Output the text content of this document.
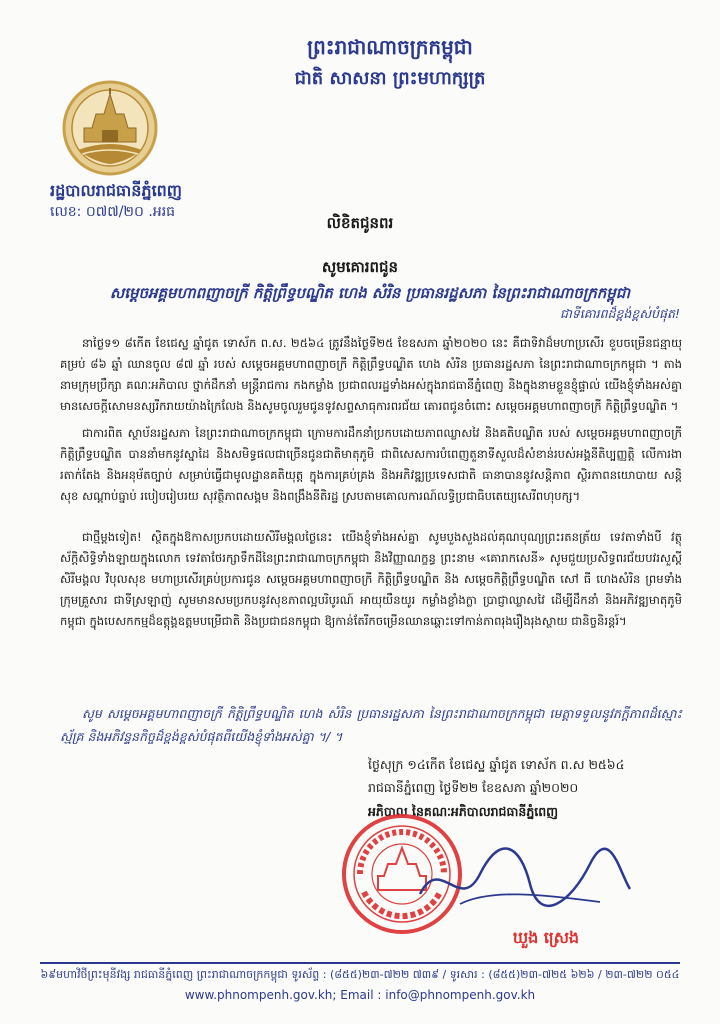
ព្រះរាជាណាចក្រកម្ពុជា
ជាតិ សាសនា ព្រះមហាក្សត្រ
រដ្ឋបាលរាជធានីភ្នំពេញ
លេខ: ០៧៧/២០ .អរធ
លិខិតជូនពរ
សូមគោរពជូន
សម្តេចអគ្គមហាពញាចក្រី កិត្តិព្រឹទ្ធបណ្ឌិត ហេង សំរិន ប្រធានរដ្ឋសភា នៃព្រះរាជាណាចក្រកម្ពុជា
ជាទីគោរពដ៏ខ្ពង់ខ្ពស់បំផុត!
នាថ្ងៃទ១ ៨កើត ខែជេស្ឋ ឆ្នាំជូត ទោស័ក ព.ស. ២៥៦៤ ត្រូវនឹងថ្ងៃទី២៥ ខែឧសភា ឆ្នាំ២០២០ នេះ គឺជាទិវាដ៏មហាប្រសើរ ខួបចម្រើនជន្មាយុគម្រប់ ៨៦ ឆ្នាំ ឈានចូល ៨៧ ឆ្នាំ របស់ សម្តេចអគ្គមហាពញាចក្រី កិត្តិព្រឹទ្ធបណ្ឌិត ហេង សំរិន ប្រធានរដ្ឋសភា នៃព្រះរាជាណាចក្រកម្ពុជា ។ តាងនាមក្រុមប្រឹក្សា គណៈអភិបាល ថ្នាក់ដឹកនាំ មន្ត្រីរាជការ កងកម្លាំង ប្រជាពលរដ្ឋទាំងអស់ក្នុងរាជធានីភ្នំពេញ និងក្នុងនាមខ្លួនខ្ញុំផ្ទាល់ យើងខ្ញុំទាំងអស់គ្នា មានសេចក្តីសោមនស្សរីករាយយ៉ាងក្រៃលែង និងសូមចូលរួមជូនទូវសព្ទសាធុការពរជ័យ គោរពជូនចំពោះ សម្តេចអគ្គមហាពញាចក្រី កិត្តិព្រឹទ្ធបណ្ឌិត ។
ជាការពិត ស្ថាប័នរដ្ឋសភា នៃព្រះរាជាណាចក្រកម្ពុជា ក្រោមការដឹកនាំប្រកបដោយភាពឈ្លាសវៃ និងគតិបណ្ឌិត របស់ សម្តេចអគ្គមហាពញាចក្រី កិត្តិព្រឹទ្ធបណ្ឌិត បាននាំមកនូវស្នាដៃ និងសមិទ្ធផលជាច្រើនជូនជាតិមាតុភូមិ ជាពិសេសការបំពេញតួនាទីសួលដ៏សំខាន់របស់អង្គនីតិប្បញ្ញត្តិ លើការងារតាក់តែង និងអនុម័តច្បាប់ សម្រាប់ធ្វើជាមូលដ្ឋានគតិយុត្ត ក្នុងការគ្រប់គ្រង និងអភិវឌ្ឍប្រទេសជាតិ ធានាបាននូវសន្តិភាព ស្ថិរភាពនយោបាយ សន្តិសុខ សណ្តាប់ធ្នាប់ របៀបរៀបរយ សុវត្ថិភាពសង្គម និងពង្រឹងនីតិរដ្ឋ ស្របតាមគោលការណ៍លទ្ធិប្រជាធិបតេយ្យសេរីពហុបក្ស។
ជាថ្មីម្តងទៀត! ស្ថិតក្នុងឱកាសប្រកបដោយសិរីមង្គលថ្ងៃនេះ យើងខ្ញុំទាំងអស់គ្នា សូមបួងសួងដល់គុណបុណ្យព្រះរតនត្រ័យ ទេវតាទាំងបី វត្ថុស័ក្តិសិទ្ធិទាំងឡាយក្នុងលោក ទេវតាថែរក្សាទឹកដីនៃព្រះរាជាណាចក្រកម្ពុជា និងវិញ្ញាណក្ខន្ធ ព្រះនាម «គោរាកសេនី» សូមជួយប្រសិទ្ធពរជ័យបវរសួស្តី សិរីមង្គល វិបុលសុខ មហាប្រសើរគ្រប់ប្រការជូន សម្តេចអគ្គមហាពញាចក្រី កិត្តិព្រឹទ្ធបណ្ឌិត និង សម្តេចកិត្តិព្រឹទ្ធបណ្ឌិត សៅ ធី ហេងសំរិន ព្រមទាំងក្រុមគ្រួសារ ជាទីស្រឡាញ់ សូមមានសមប្រកបនូវសុខភាពល្អបរិបូរណ៍ អាយុយឺនយូរ កម្លាំងខ្លាំងក្លា ប្រាជ្ញាឈ្លាសវៃ ដើម្បីដឹកនាំ និងអភិវឌ្ឍមាតុភូមិកម្ពុជា ក្នុងបេសកកម្មដ៏ឧត្តុង្គឧត្តមបម្រើជាតិ និងប្រជាជនកម្ពុជា ឱ្យកាន់តែរីកចម្រើនឈានឆ្ពោះទៅកាន់ភាពរុងរឿងរុងស្ថាយ ជានិច្ចនិរន្តរ៍។
សូម សម្តេចអគ្គមហាពញាចក្រី កិត្តិព្រឹទ្ធបណ្ឌិត ហេង សំរិន ប្រធានរដ្ឋសភា នៃព្រះរាជាណាចក្រកម្ពុជា មេត្តាទទួលនូវភក្តីភាពដ៏ស្មោះស្ម័គ្រ និងអភិវន្ទនកិច្ចដ៏ខ្ពង់ខ្ពស់បំផុតពីយើងខ្ញុំទាំងអស់គ្នា ។/ ។
ថ្ងៃសុក្រ ១៤កើត ខែជេស្ឋ ឆ្នាំជូត ទោស័ក ព.ស ២៥៦៤
រាជធានីភ្នំពេញ ថ្ងៃទី២២ ខែឧសភា ឆ្នាំ២០២០
អភិបាល នៃគណៈអភិបាលរាជធានីភ្នំពេញ
ឃួង ស្រេង
៦៩មហាវិថីព្រះមុនីវង្ស រាជធានីភ្នំពេញ ព្រះរាជាណាចក្រកម្ពុជា ទូរស័ព្ទ : (៨៥៥)២៣-៧២២ ៧៣៩ / ទូរសារ : (៨៥៥)២៣-៧២៥ ៦២៦ / ២៣-៧២២ ០៥៤
www.phnompenh.gov.kh; Email : info@phnompenh.gov.kh
